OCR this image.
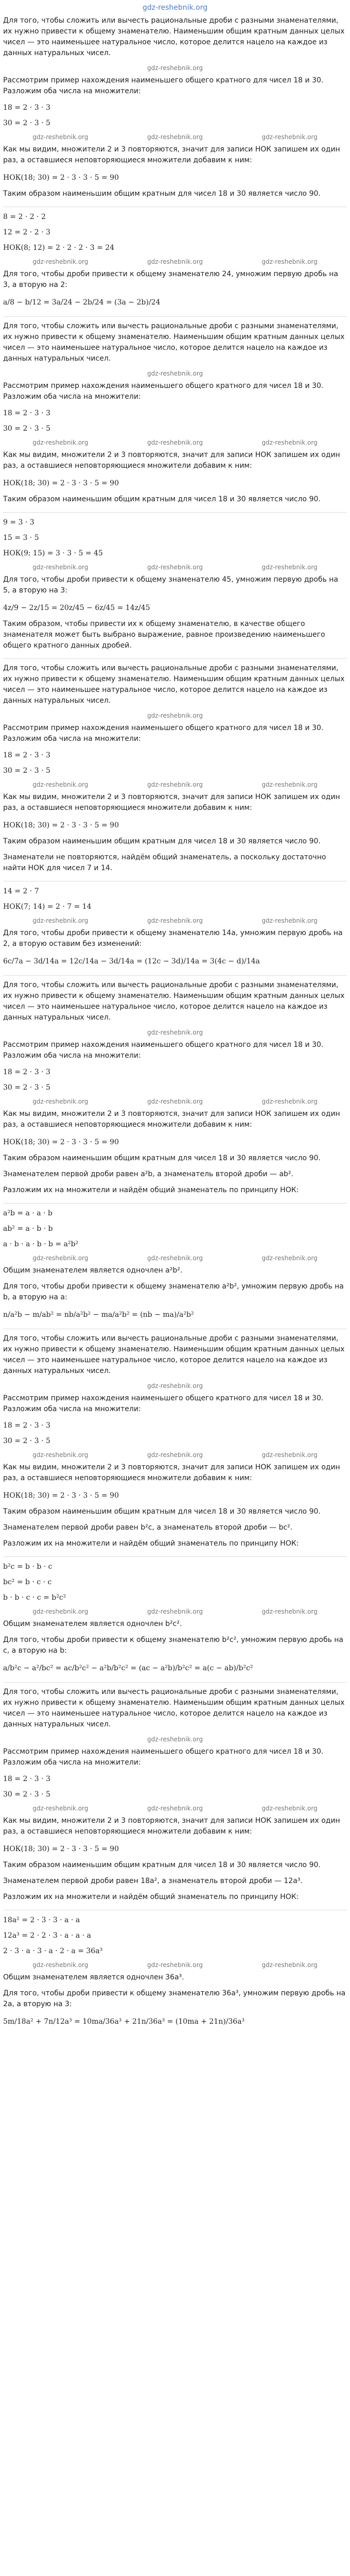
gdz-reshebnik.org

Для того, чтобы сложить или вычесть рациональные дроби с разными знаменателями, их нужно привести к общему знаменателю. Наименьшим общим кратным данных целых чисел — это наименьшее натуральное число, которое делится нацело на каждое из данных натуральных чисел.

gdz-reshebnik.org

Рассмотрим пример нахождения наименьшего общего кратного для чисел 18 и 30. Разложим оба числа на множители:

18 = 2 · 3 · 3
30 = 2 · 3 · 5
gdz-reshebnik.org	gdz-reshebnik.org	gdz-reshebnik.org

Как мы видим, множители 2 и 3 повторяются, значит для записи НОК запишем их один раз, а оставшиеся неповторяющиеся множители добавим к ним:

НОК(18; 30) = 2 · 3 · 3 · 5 = 90

Таким образом наименьшим общим кратным для чисел 18 и 30 является число 90.

8 = 2 · 2 · 2
12 = 2 · 2 · 3
НОК(8; 12) = 2 · 2 · 2 · 3 = 24
gdz-reshebnik.org	gdz-reshebnik.org	gdz-reshebnik.org

Для того, чтобы дроби привести к общему знаменателю 24, умножим первую дробь на 3, а вторую на 2:

a/8 − b/12 = 3a/24 − 2b/24 = (3a − 2b)/24

Для того, чтобы сложить или вычесть рациональные дроби с разными знаменателями, их нужно привести к общему знаменателю. Наименьшим общим кратным данных целых чисел — это наименьшее натуральное число, которое делится нацело на каждое из данных натуральных чисел.

gdz-reshebnik.org

Рассмотрим пример нахождения наименьшего общего кратного для чисел 18 и 30. Разложим оба числа на множители:

18 = 2 · 3 · 3
30 = 2 · 3 · 5
gdz-reshebnik.org	gdz-reshebnik.org	gdz-reshebnik.org

Как мы видим, множители 2 и 3 повторяются, значит для записи НОК запишем их один раз, а оставшиеся неповторяющиеся множители добавим к ним:

НОК(18; 30) = 2 · 3 · 3 · 5 = 90

Таким образом наименьшим общим кратным для чисел 18 и 30 является число 90.

9 = 3 · 3
15 = 3 · 5
НОК(9; 15) = 3 · 3 · 5 = 45
gdz-reshebnik.org	gdz-reshebnik.org	gdz-reshebnik.org

Для того, чтобы дроби привести к общему знаменателю 45, умножим первую дробь на 5, а вторую на 3:

4z/9 − 2z/15 = 20z/45 − 6z/45 = 14z/45

Таким образом, чтобы привести их к общему знаменателю, в качестве общего знаменателя может быть выбрано выражение, равное произведению наименьшего общего кратного данных дробей.

Для того, чтобы сложить или вычесть рациональные дроби с разными знаменателями, их нужно привести к общему знаменателю. Наименьшим общим кратным данных целых чисел — это наименьшее натуральное число, которое делится нацело на каждое из данных натуральных чисел.

gdz-reshebnik.org

Рассмотрим пример нахождения наименьшего общего кратного для чисел 18 и 30. Разложим оба числа на множители:

18 = 2 · 3 · 3
30 = 2 · 3 · 5
gdz-reshebnik.org	gdz-reshebnik.org	gdz-reshebnik.org

Как мы видим, множители 2 и 3 повторяются, значит для записи НОК запишем их один раз, а оставшиеся неповторяющиеся множители добавим к ним:

НОК(18; 30) = 2 · 3 · 3 · 5 = 90

Таким образом наименьшим общим кратным для чисел 18 и 30 является число 90.

Знаменатели не повторяются, найдём общий знаменатель, а поскольку достаточно найти НОК для чисел 7 и 14.

14 = 2 · 7
НОК(7; 14) = 2 · 7 = 14
gdz-reshebnik.org	gdz-reshebnik.org	gdz-reshebnik.org

Для того, чтобы дроби привести к общему знаменателю 14a, умножим первую дробь на 2, а вторую оставим без изменений:

6c/7a − 3d/14a = 12c/14a − 3d/14a = (12c − 3d)/14a = 3(4c − d)/14a

Для того, чтобы сложить или вычесть рациональные дроби с разными знаменателями, их нужно привести к общему знаменателю. Наименьшим общим кратным данных целых чисел — это наименьшее натуральное число, которое делится нацело на каждое из данных натуральных чисел.

gdz-reshebnik.org

Рассмотрим пример нахождения наименьшего общего кратного для чисел 18 и 30. Разложим оба числа на множители:

18 = 2 · 3 · 3
30 = 2 · 3 · 5
gdz-reshebnik.org	gdz-reshebnik.org	gdz-reshebnik.org

Как мы видим, множители 2 и 3 повторяются, значит для записи НОК запишем их один раз, а оставшиеся неповторяющиеся множители добавим к ним:

НОК(18; 30) = 2 · 3 · 3 · 5 = 90

Таким образом наименьшим общим кратным для чисел 18 и 30 является число 90.

Знаменателем первой дроби равен a²b, а знаменатель второй дроби — ab².

Разложим их на множители и найдём общий знаменатель по принципу НОК:

a²b = a · a · b
ab² = a · b · b
a · b · a · b · b = a²b²
gdz-reshebnik.org	gdz-reshebnik.org	gdz-reshebnik.org

Общим знаменателем является одночлен a²b².

Для того, чтобы дроби привести к общему знаменателю a²b², умножим первую дробь на b, а вторую на a:

n/a²b − m/ab² = nb/a²b² − ma/a²b² = (nb − ma)/a²b²

Для того, чтобы сложить или вычесть рациональные дроби с разными знаменателями, их нужно привести к общему знаменателю. Наименьшим общим кратным данных целых чисел — это наименьшее натуральное число, которое делится нацело на каждое из данных натуральных чисел.

gdz-reshebnik.org

Рассмотрим пример нахождения наименьшего общего кратного для чисел 18 и 30. Разложим оба числа на множители:

18 = 2 · 3 · 3
30 = 2 · 3 · 5
gdz-reshebnik.org	gdz-reshebnik.org	gdz-reshebnik.org

Как мы видим, множители 2 и 3 повторяются, значит для записи НОК запишем их один раз, а оставшиеся неповторяющиеся множители добавим к ним:

НОК(18; 30) = 2 · 3 · 3 · 5 = 90

Таким образом наименьшим общим кратным для чисел 18 и 30 является число 90.

Знаменателем первой дроби равен b²c, а знаменатель второй дроби — bc².

Разложим их на множители и найдём общий знаменатель по принципу НОК:

b²c = b · b · c
bc² = b · c · c
b · b · c · c = b²c²
gdz-reshebnik.org	gdz-reshebnik.org	gdz-reshebnik.org

Общим знаменателем является одночлен b²c².

Для того, чтобы дроби привести к общему знаменателю b²c², умножим первую дробь на c, а вторую на b:

a/b²c − a²/bc² = ac/b²c² − a²b/b²c² = (ac − a²b)/b²c² = a(c − ab)/b²c²

Для того, чтобы сложить или вычесть рациональные дроби с разными знаменателями, их нужно привести к общему знаменателю. Наименьшим общим кратным данных целых чисел — это наименьшее натуральное число, которое делится нацело на каждое из данных натуральных чисел.

gdz-reshebnik.org

Рассмотрим пример нахождения наименьшего общего кратного для чисел 18 и 30. Разложим оба числа на множители:

18 = 2 · 3 · 3
30 = 2 · 3 · 5
gdz-reshebnik.org	gdz-reshebnik.org	gdz-reshebnik.org

Как мы видим, множители 2 и 3 повторяются, значит для записи НОК запишем их один раз, а оставшиеся неповторяющиеся множители добавим к ним:

НОК(18; 30) = 2 · 3 · 3 · 5 = 90

Таким образом наименьшим общим кратным для чисел 18 и 30 является число 90.

Знаменателем первой дроби равен 18a², а знаменатель второй дроби — 12a³.

Разложим их на множители и найдём общий знаменатель по принципу НОК:

18a² = 2 · 3 · 3 · a · a
12a³ = 2 · 2 · 3 · a · a · a
2 · 3 · a · 3 · a · 2 · a = 36a³
gdz-reshebnik.org	gdz-reshebnik.org	gdz-reshebnik.org

Общим знаменателем является одночлен 36a³.

Для того, чтобы дроби привести к общему знаменателю 36a³, умножим первую дробь на 2a, а вторую на 3:

5m/18a² + 7n/12a³ = 10ma/36a³ + 21n/36a³ = (10ma + 21n)/36a³
